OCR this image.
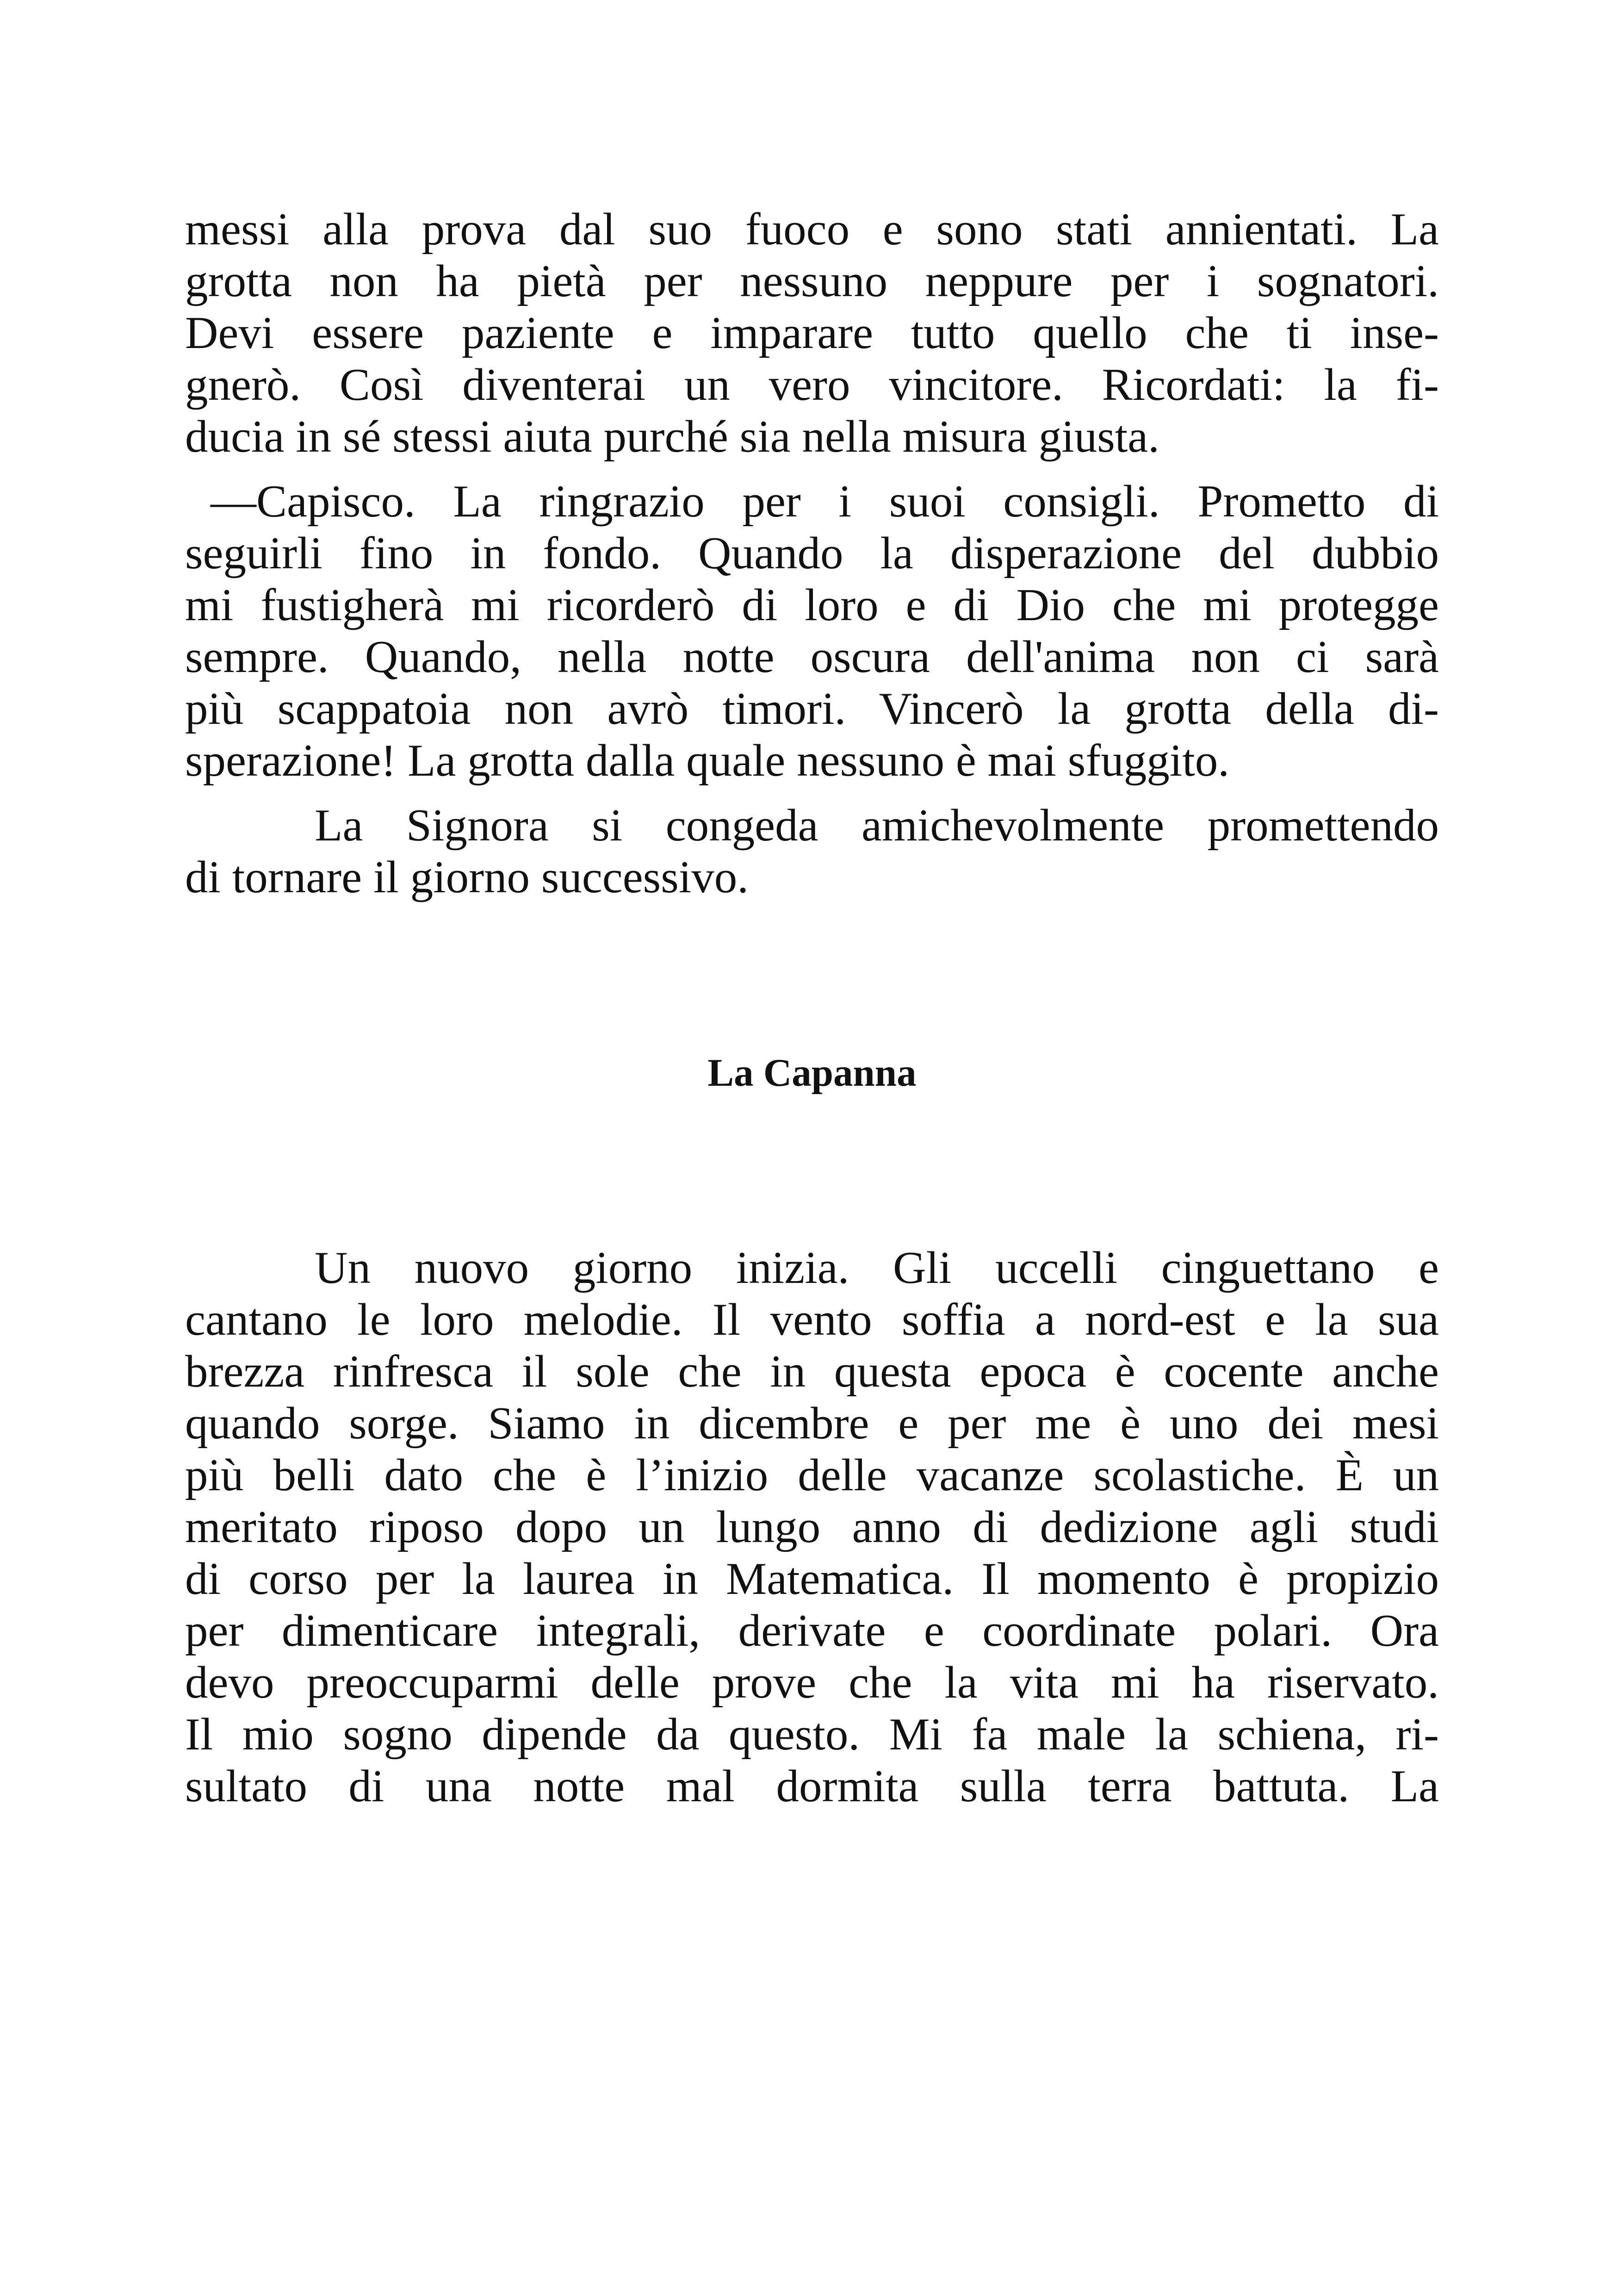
messi alla prova dal suo fuoco e sono stati annientati. La
grotta non ha pietà per nessuno neppure per i sognatori.
Devi essere paziente e imparare tutto quello che ti inse-
gnerò. Così diventerai un vero vincitore. Ricordati: la fi-
ducia in sé stessi aiuta purché sia nella misura giusta.
—Capisco. La ringrazio per i suoi consigli. Prometto di
seguirli fino in fondo. Quando la disperazione del dubbio
mi fustigherà mi ricorderò di loro e di Dio che mi protegge
sempre. Quando, nella notte oscura dell'anima non ci sarà
più scappatoia non avrò timori. Vincerò la grotta della di-
sperazione! La grotta dalla quale nessuno è mai sfuggito.
La Signora si congeda amichevolmente promettendo
di tornare il giorno successivo.
La Capanna
Un nuovo giorno inizia. Gli uccelli cinguettano e
cantano le loro melodie. Il vento soffia a nord-est e la sua
brezza rinfresca il sole che in questa epoca è cocente anche
quando sorge. Siamo in dicembre e per me è uno dei mesi
più belli dato che è l’inizio delle vacanze scolastiche. È un
meritato riposo dopo un lungo anno di dedizione agli studi
di corso per la laurea in Matematica. Il momento è propizio
per dimenticare integrali, derivate e coordinate polari. Ora
devo preoccuparmi delle prove che la vita mi ha riservato.
Il mio sogno dipende da questo. Mi fa male la schiena, ri-
sultato di una notte mal dormita sulla terra battuta. La
